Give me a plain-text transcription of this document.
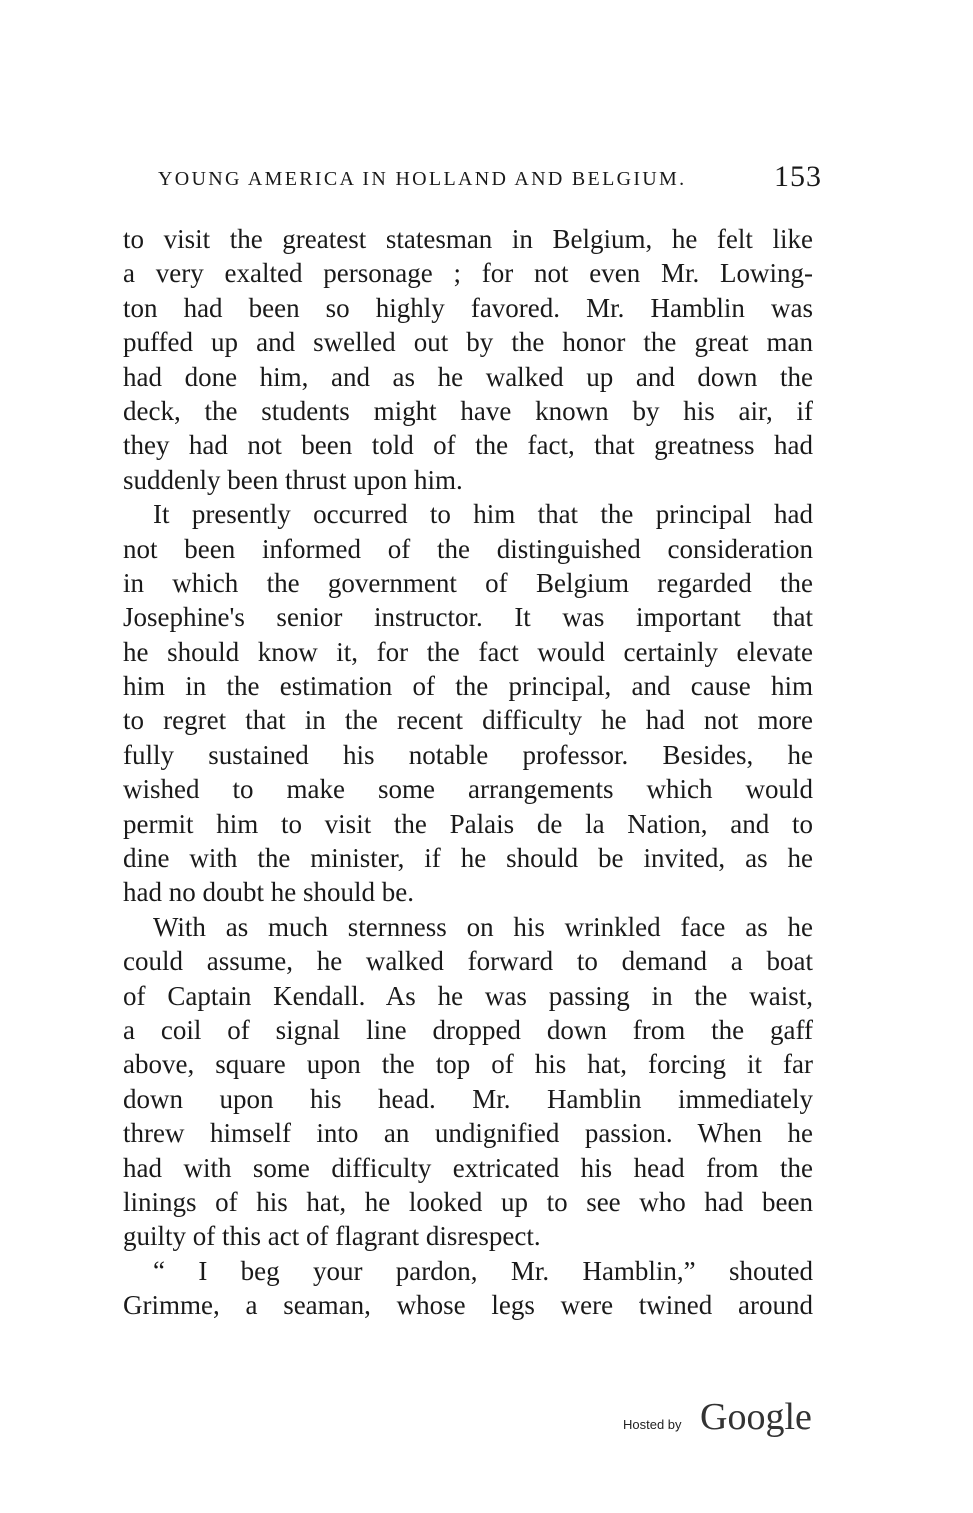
YOUNG AMERICA IN HOLLAND AND BELGIUM.	153
to visit the greatest statesman in Belgium, he felt like
a very exalted personage ; for not even Mr. Lowing-
ton had been so highly favored. Mr. Hamblin was
puffed up and swelled out by the honor the great man
had done him, and as he walked up and down the
deck, the students might have known by his air, if
they had not been told of the fact, that greatness had
suddenly been thrust upon him.
It presently occurred to him that the principal had
not been informed of the distinguished consideration
in which the government of Belgium regarded the
Josephine's senior instructor. It was important that
he should know it, for the fact would certainly elevate
him in the estimation of the principal, and cause him
to regret that in the recent difficulty he had not more
fully sustained his notable professor. Besides, he
wished to make some arrangements which would
permit him to visit the Palais de la Nation, and to
dine with the minister, if he should be invited, as he
had no doubt he should be.
With as much sternness on his wrinkled face as he
could assume, he walked forward to demand a boat
of Captain Kendall. As he was passing in the waist,
a coil of signal line dropped down from the gaff
above, square upon the top of his hat, forcing it far
down upon his head. Mr. Hamblin immediately
threw himself into an undignified passion. When he
had with some difficulty extricated his head from the
linings of his hat, he looked up to see who had been
guilty of this act of flagrant disrespect.
“ I beg your pardon, Mr. Hamblin,” shouted
Grimme, a seaman, whose legs were twined around
Hosted by Google
